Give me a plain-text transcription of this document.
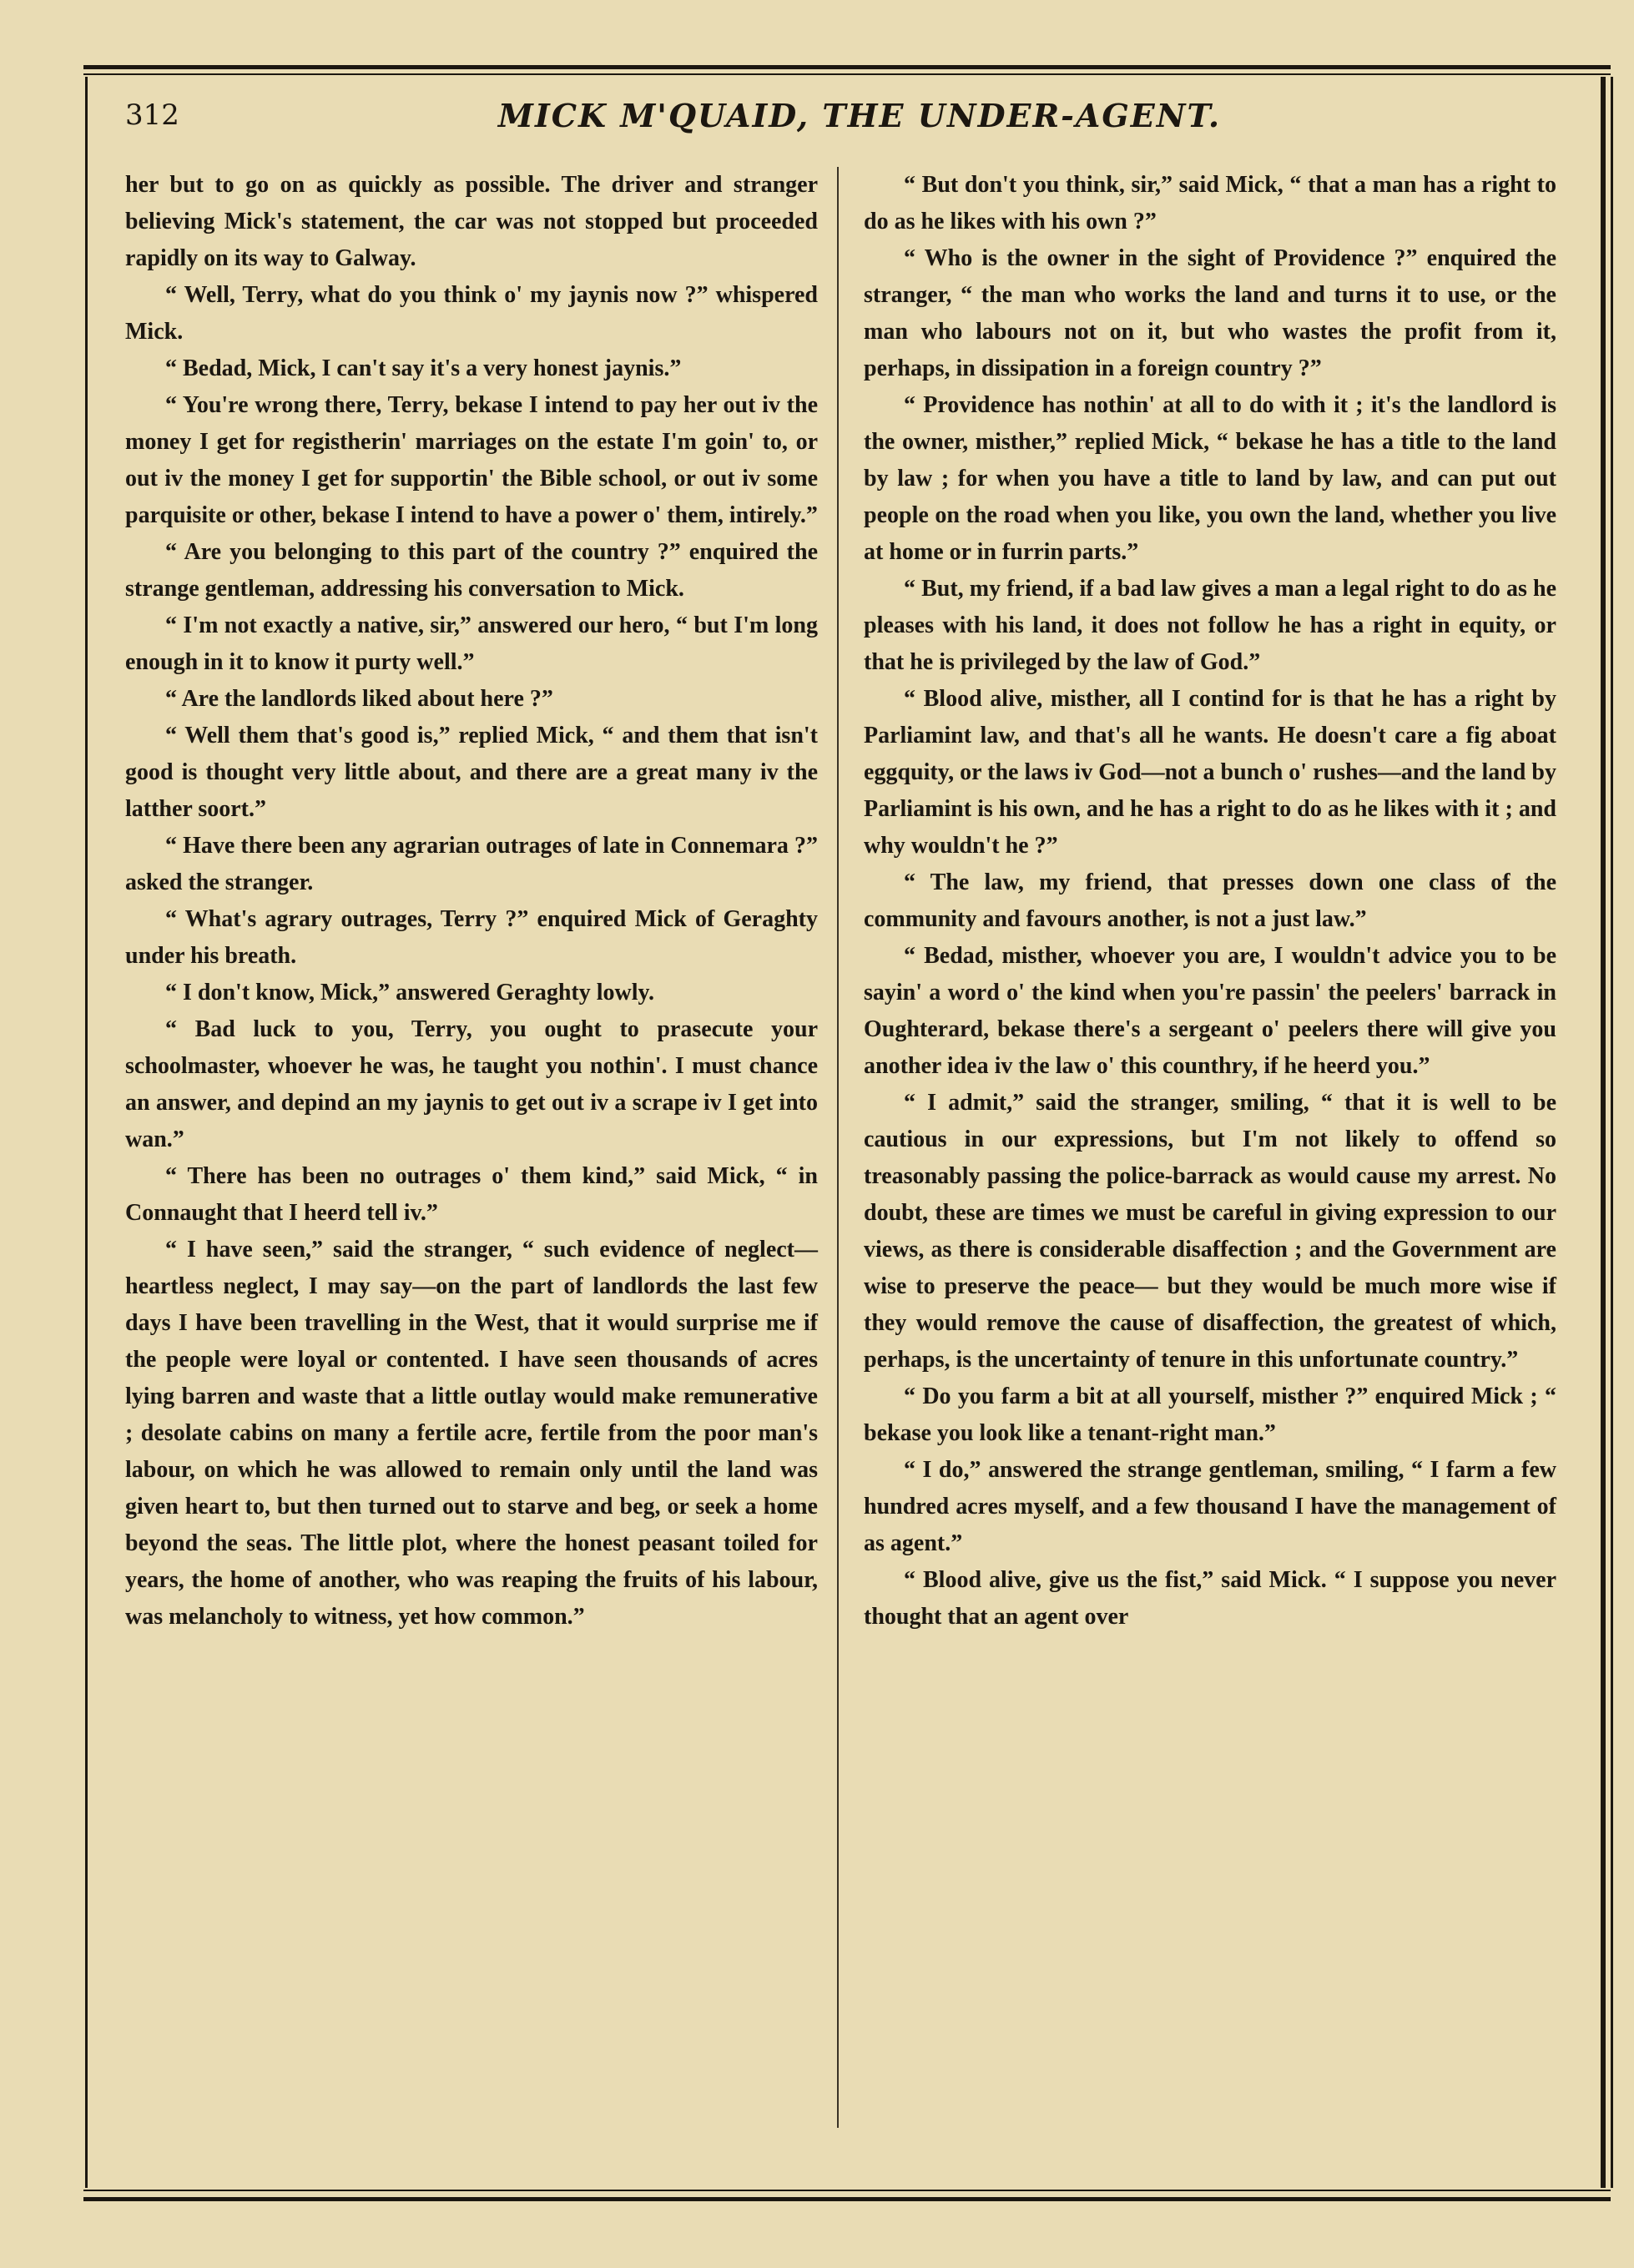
312	MICK M'QUAID, THE UNDER-AGENT.

her but to go on as quickly as possible. The driver and stranger believing Mick's statement, the car was not stopped but proceeded rapidly on its way to Galway.

“ Well, Terry, what do you think o' my jaynis now ?” whispered Mick.

“ Bedad, Mick, I can't say it's a very honest jaynis.”

“ You're wrong there, Terry, bekase I intend to pay her out iv the money I get for registherin' marriages on the estate I'm goin' to, or out iv the money I get for supportin' the Bible school, or out iv some parquisite or other, bekase I intend to have a power o' them, intirely.”

“ Are you belonging to this part of the country ?” enquired the strange gentleman, addressing his conversation to Mick.

“ I'm not exactly a native, sir,” answered our hero, “ but I'm long enough in it to know it purty well.”

“ Are the landlords liked about here ?”

“ Well them that's good is,” replied Mick, “ and them that isn't good is thought very little about, and there are a great many iv the latther soort.”

“ Have there been any agrarian outrages of late in Connemara ?” asked the stranger.

“ What's agrary outrages, Terry ?” enquired Mick of Geraghty under his breath.

“ I don't know, Mick,” answered Geraghty lowly.

“ Bad luck to you, Terry, you ought to prasecute your schoolmaster, whoever he was, he taught you nothin'. I must chance an answer, and depind an my jaynis to get out iv a scrape iv I get into wan.”

“ There has been no outrages o' them kind,” said Mick, “ in Connaught that I heerd tell iv.”

“ I have seen,” said the stranger, “ such evidence of neglect—heartless neglect, I may say—on the part of landlords the last few days I have been travelling in the West, that it would surprise me if the people were loyal or contented. I have seen thousands of acres lying barren and waste that a little outlay would make remunerative ; desolate cabins on many a fertile acre, fertile from the poor man's labour, on which he was allowed to remain only until the land was given heart to, but then turned out to starve and beg, or seek a home beyond the seas. The little plot, where the honest peasant toiled for years, the home of another, who was reaping the fruits of his labour, was melancholy to witness, yet how common.”

“ But don't you think, sir,” said Mick, “ that a man has a right to do as he likes with his own ?”

“ Who is the owner in the sight of Providence ?” enquired the stranger, “ the man who works the land and turns it to use, or the man who labours not on it, but who wastes the profit from it, perhaps, in dissipation in a foreign country ?”

“ Providence has nothin' at all to do with it ; it's the landlord is the owner, misther,” replied Mick, “ bekase he has a title to the land by law ; for when you have a title to land by law, and can put out people on the road when you like, you own the land, whether you live at home or in furrin parts.”

“ But, my friend, if a bad law gives a man a legal right to do as he pleases with his land, it does not follow he has a right in equity, or that he is privileged by the law of God.”

“ Blood alive, misther, all I contind for is that he has a right by Parliamint law, and that's all he wants. He doesn't care a fig aboat eggquity, or the laws iv God—not a bunch o' rushes—and the land by Parliamint is his own, and he has a right to do as he likes with it ; and why wouldn't he ?”

“ The law, my friend, that presses down one class of the community and favours another, is not a just law.”

“ Bedad, misther, whoever you are, I wouldn't advice you to be sayin' a word o' the kind when you're passin' the peelers' barrack in Oughterard, bekase there's a sergeant o' peelers there will give you another idea iv the law o' this counthry, if he heerd you.”

“ I admit,” said the stranger, smiling, “ that it is well to be cautious in our expressions, but I'm not likely to offend so treasonably passing the police-barrack as would cause my arrest. No doubt, these are times we must be careful in giving expression to our views, as there is considerable disaffection ; and the Government are wise to preserve the peace— but they would be much more wise if they would remove the cause of disaffection, the greatest of which, perhaps, is the uncertainty of tenure in this unfortunate country.”

“ Do you farm a bit at all yourself, misther ?” enquired Mick ; “ bekase you look like a tenant-right man.”

“ I do,” answered the strange gentleman, smiling, “ I farm a few hundred acres myself, and a few thousand I have the management of as agent.”

“ Blood alive, give us the fist,” said Mick. “ I suppose you never thought that an agent over
